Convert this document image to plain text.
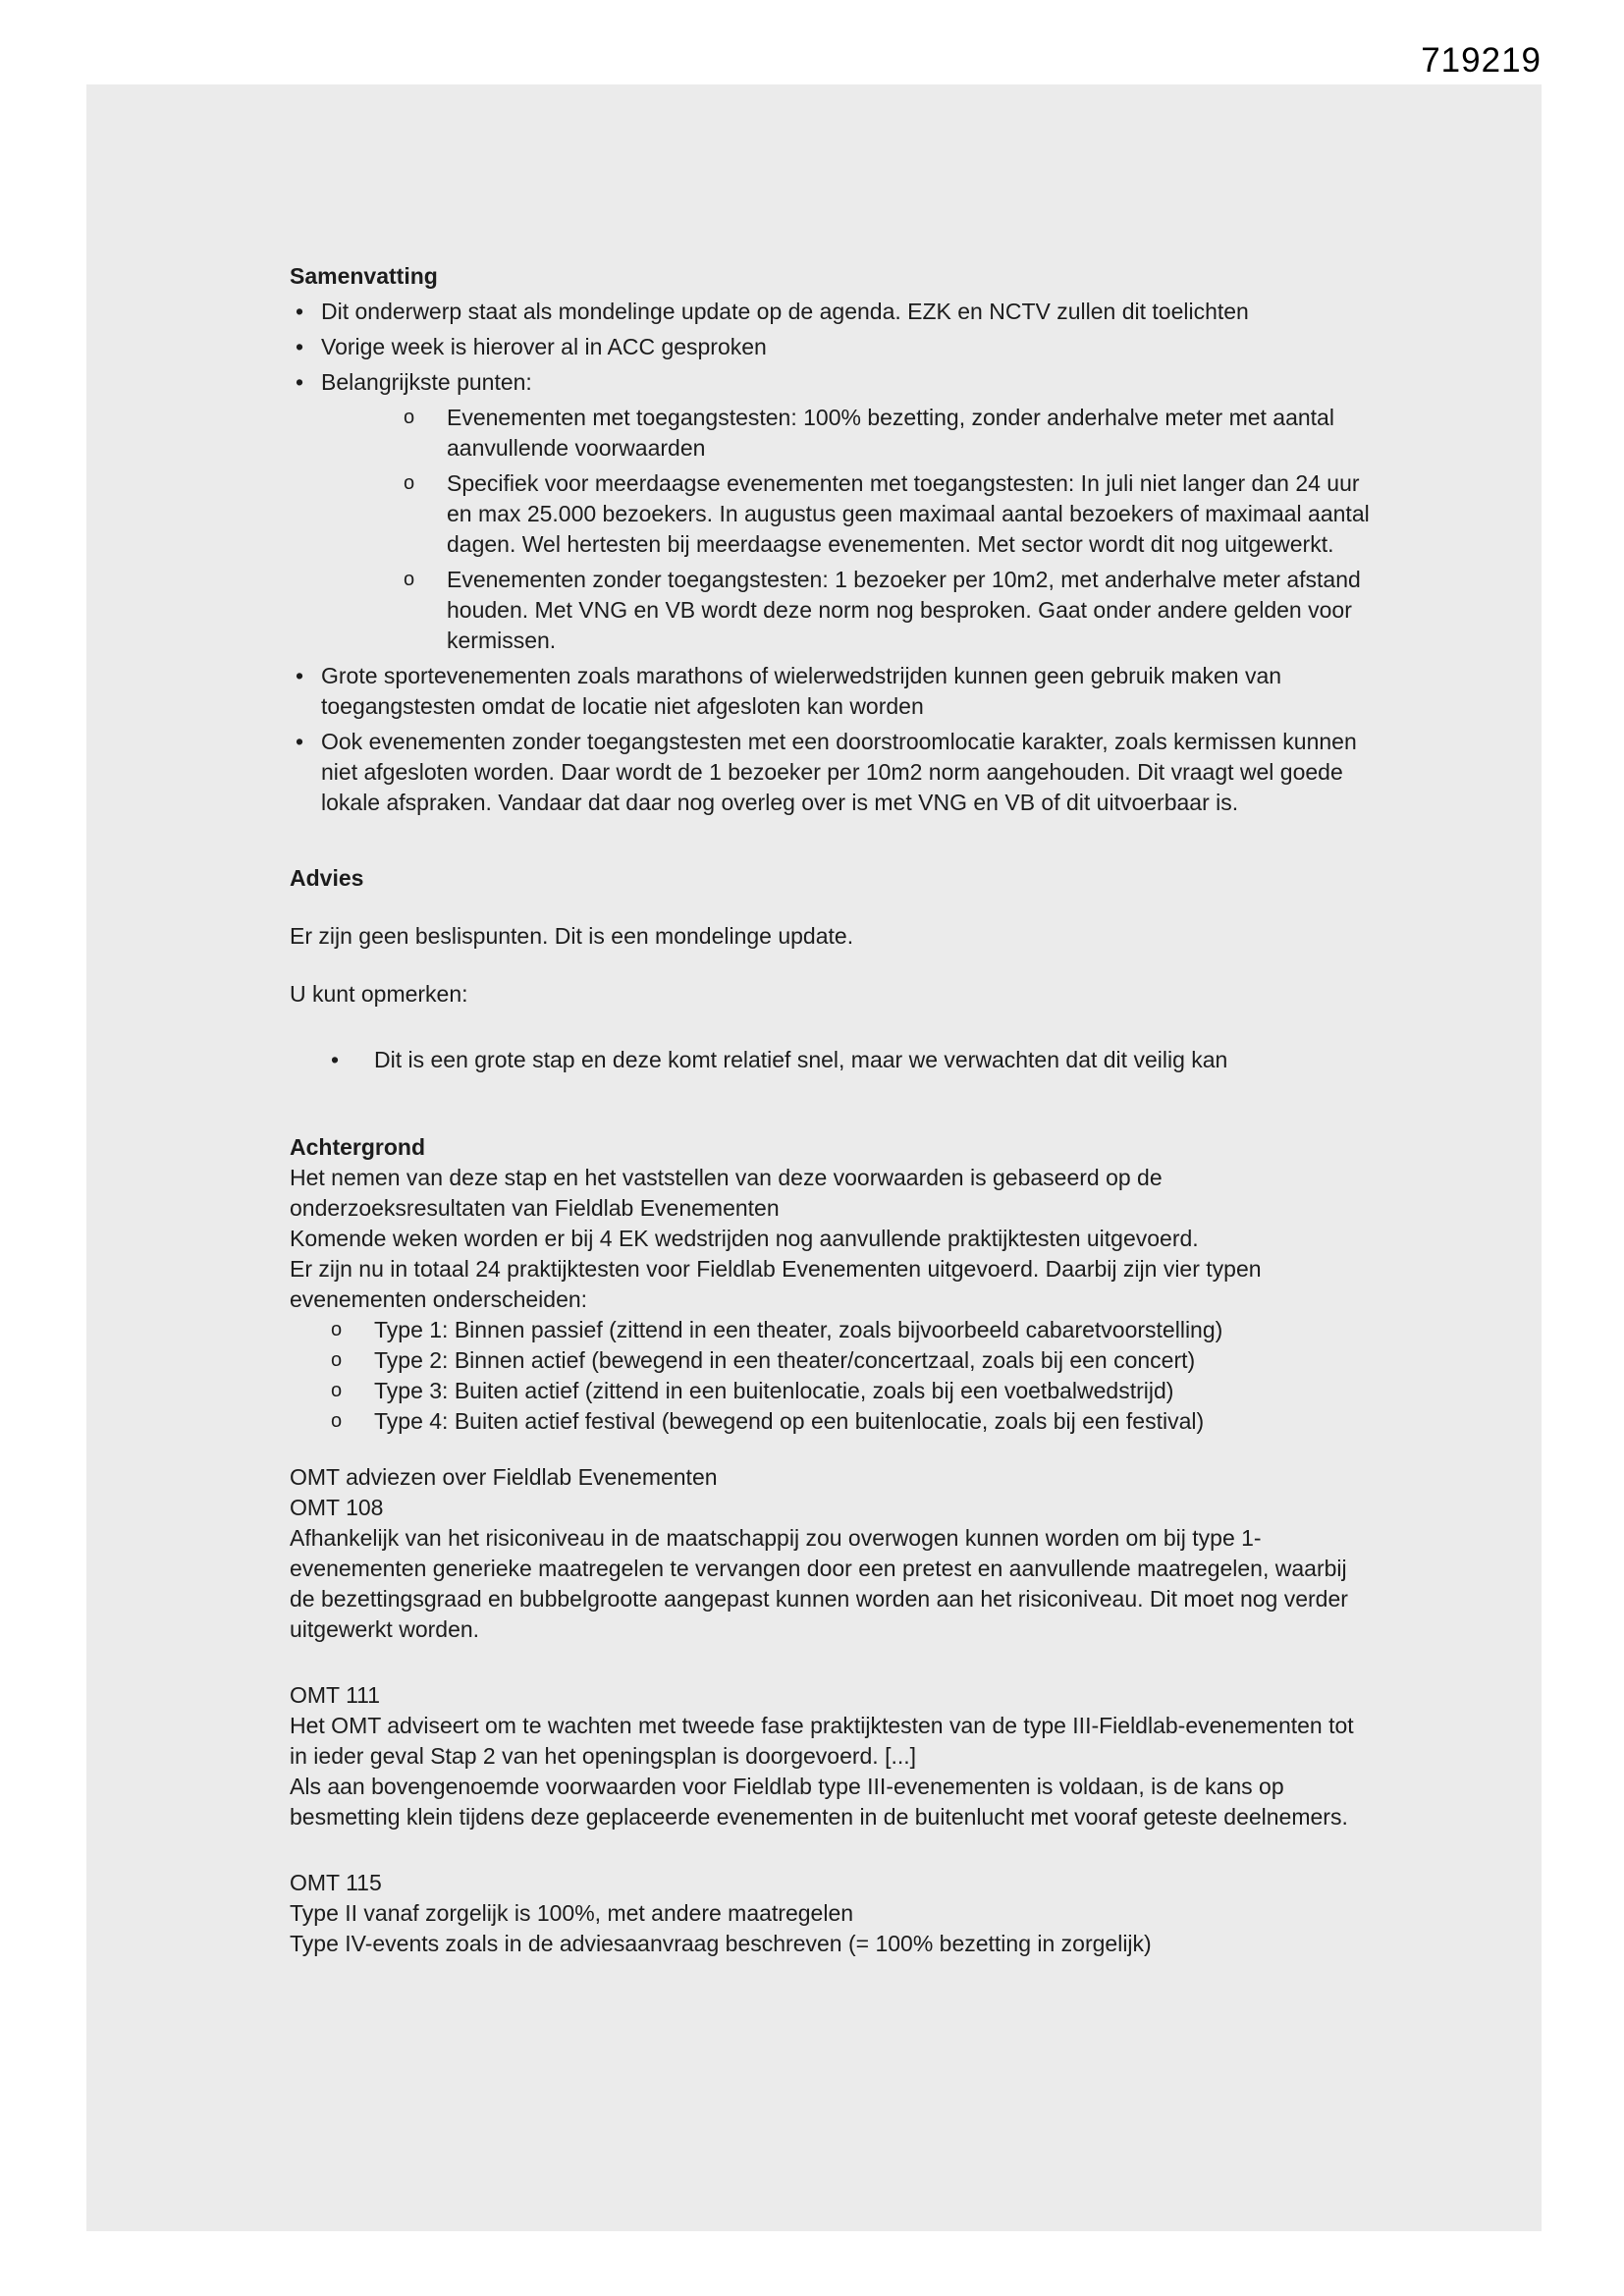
719219
Samenvatting
• Dit onderwerp staat als mondelinge update op de agenda. EZK en NCTV zullen dit toelichten
• Vorige week is hierover al in ACC gesproken
• Belangrijkste punten:
o	Evenementen met toegangstesten: 100% bezetting, zonder anderhalve meter met aantal aanvullende voorwaarden
o	Specifiek voor meerdaagse evenementen met toegangstesten: In juli niet langer dan 24 uur en max 25.000 bezoekers. In augustus geen maximaal aantal bezoekers of maximaal aantal dagen. Wel hertesten bij meerdaagse evenementen. Met sector wordt dit nog uitgewerkt.
o	Evenementen zonder toegangstesten: 1 bezoeker per 10m2, met anderhalve meter afstand houden. Met VNG en VB wordt deze norm nog besproken. Gaat onder andere gelden voor kermissen.
• Grote sportevenementen zoals marathons of wielerwedstrijden kunnen geen gebruik maken van toegangstesten omdat de locatie niet afgesloten kan worden
• Ook evenementen zonder toegangstesten met een doorstroomlocatie karakter, zoals kermissen kunnen niet afgesloten worden. Daar wordt de 1 bezoeker per 10m2 norm aangehouden. Dit vraagt wel goede lokale afspraken. Vandaar dat daar nog overleg over is met VNG en VB of dit uitvoerbaar is.
Advies
Er zijn geen beslispunten. Dit is een mondelinge update.
U kunt opmerken:
•	Dit is een grote stap en deze komt relatief snel, maar we verwachten dat dit veilig kan
Achtergrond
Het nemen van deze stap en het vaststellen van deze voorwaarden is gebaseerd op de onderzoeksresultaten van Fieldlab Evenementen
Komende weken worden er bij 4 EK wedstrijden nog aanvullende praktijktesten uitgevoerd.
Er zijn nu in totaal 24 praktijktesten voor Fieldlab Evenementen uitgevoerd. Daarbij zijn vier typen evenementen onderscheiden:
o	Type 1: Binnen passief (zittend in een theater, zoals bijvoorbeeld cabaretvoorstelling)
o	Type 2: Binnen actief (bewegend in een theater/concertzaal, zoals bij een concert)
o	Type 3: Buiten actief (zittend in een buitenlocatie, zoals bij een voetbalwedstrijd)
o	Type 4: Buiten actief festival (bewegend op een buitenlocatie, zoals bij een festival)
OMT adviezen over Fieldlab Evenementen
OMT 108
Afhankelijk van het risiconiveau in de maatschappij zou overwogen kunnen worden om bij type 1-evenementen generieke maatregelen te vervangen door een pretest en aanvullende maatregelen, waarbij de bezettingsgraad en bubbelgrootte aangepast kunnen worden aan het risiconiveau. Dit moet nog verder uitgewerkt worden.
OMT 111
Het OMT adviseert om te wachten met tweede fase praktijktesten van de type III-Fieldlab-evenementen tot in ieder geval Stap 2 van het openingsplan is doorgevoerd. [...]
Als aan bovengenoemde voorwaarden voor Fieldlab type III-evenementen is voldaan, is de kans op besmetting klein tijdens deze geplaceerde evenementen in de buitenlucht met vooraf geteste deelnemers.
OMT 115
Type II vanaf zorgelijk is 100%, met andere maatregelen
Type IV-events zoals in de adviesaanvraag beschreven (= 100% bezetting in zorgelijk)
